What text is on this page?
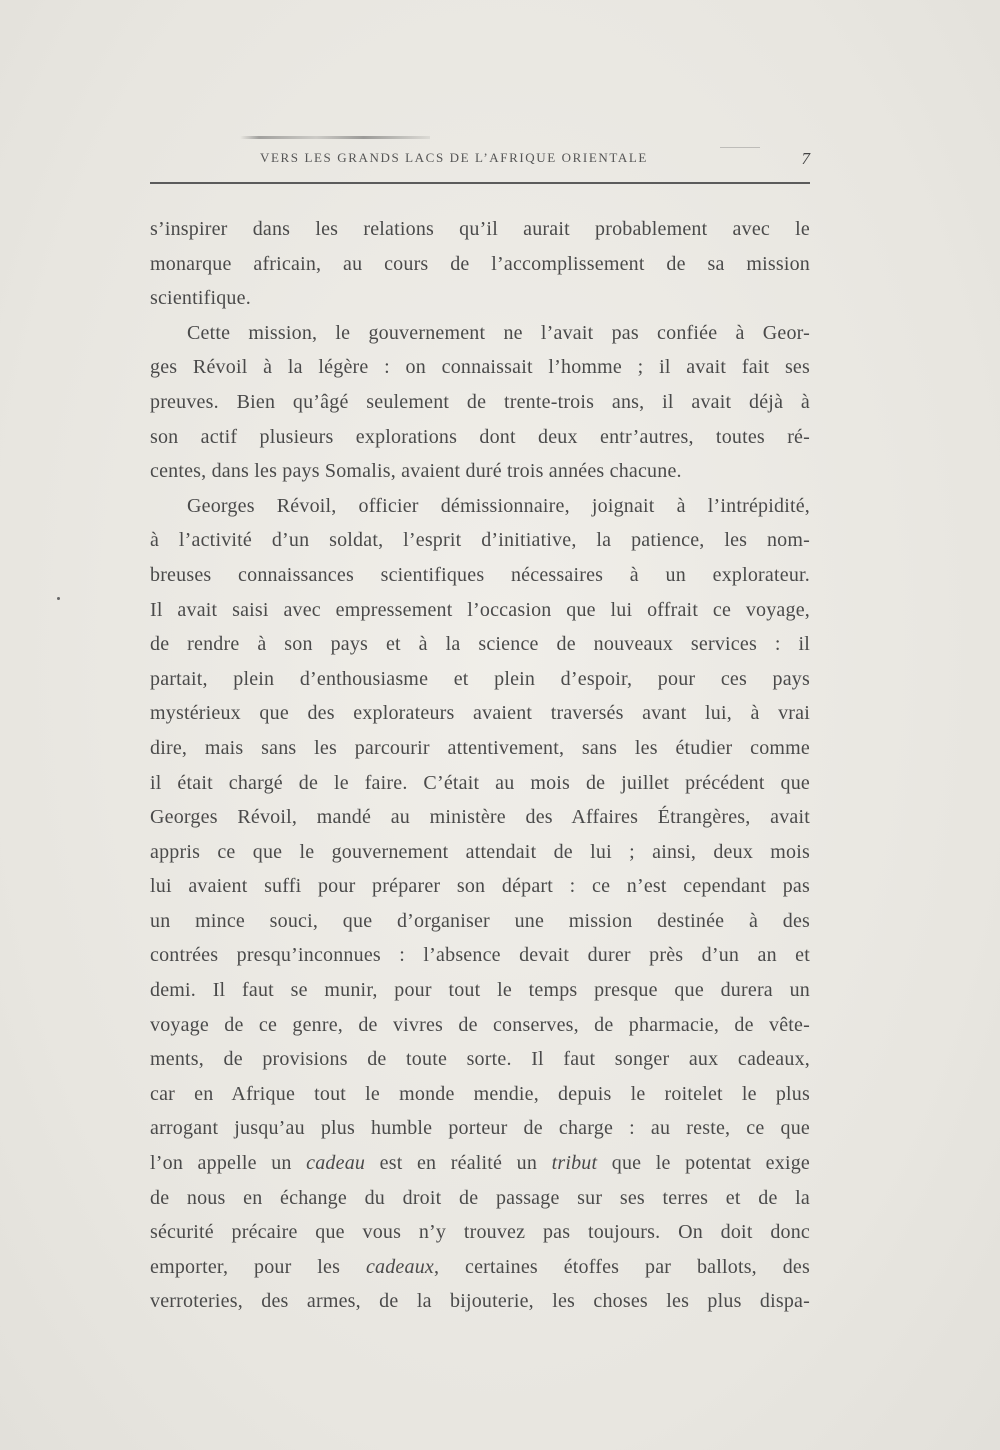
VERS LES GRANDS LACS DE L’AFRIQUE ORIENTALE	7
s’inspirer dans les relations qu’il aurait probablement avec le
monarque africain, au cours de l’accomplissement de sa mission
scientifique.
Cette mission, le gouvernement ne l’avait pas confiée à Geor-
ges Révoil à la légère : on connaissait l’homme ; il avait fait ses
preuves. Bien qu’âgé seulement de trente-trois ans, il avait déjà à
son actif plusieurs explorations dont deux entr’autres, toutes ré-
centes, dans les pays Somalis, avaient duré trois années chacune.
Georges Révoil, officier démissionnaire, joignait à l’intrépidité,
à l’activité d’un soldat, l’esprit d’initiative, la patience, les nom-
breuses connaissances scientifiques nécessaires à un explorateur.
Il avait saisi avec empressement l’occasion que lui offrait ce voyage,
de rendre à son pays et à la science de nouveaux services : il
partait, plein d’enthousiasme et plein d’espoir, pour ces pays
mystérieux que des explorateurs avaient traversés avant lui, à vrai
dire, mais sans les parcourir attentivement, sans les étudier comme
il était chargé de le faire. C’était au mois de juillet précédent que
Georges Révoil, mandé au ministère des Affaires Étrangères, avait
appris ce que le gouvernement attendait de lui ; ainsi, deux mois
lui avaient suffi pour préparer son départ : ce n’est cependant pas
un mince souci, que d’organiser une mission destinée à des
contrées presqu’inconnues : l’absence devait durer près d’un an et
demi. Il faut se munir, pour tout le temps presque que durera un
voyage de ce genre, de vivres de conserves, de pharmacie, de vête-
ments, de provisions de toute sorte. Il faut songer aux cadeaux,
car en Afrique tout le monde mendie, depuis le roitelet le plus
arrogant jusqu’au plus humble porteur de charge : au reste, ce que
l’on appelle un cadeau est en réalité un tribut que le potentat exige
de nous en échange du droit de passage sur ses terres et de la
sécurité précaire que vous n’y trouvez pas toujours. On doit donc
emporter, pour les cadeaux, certaines étoffes par ballots, des
verroteries, des armes, de la bijouterie, les choses les plus dispa-
